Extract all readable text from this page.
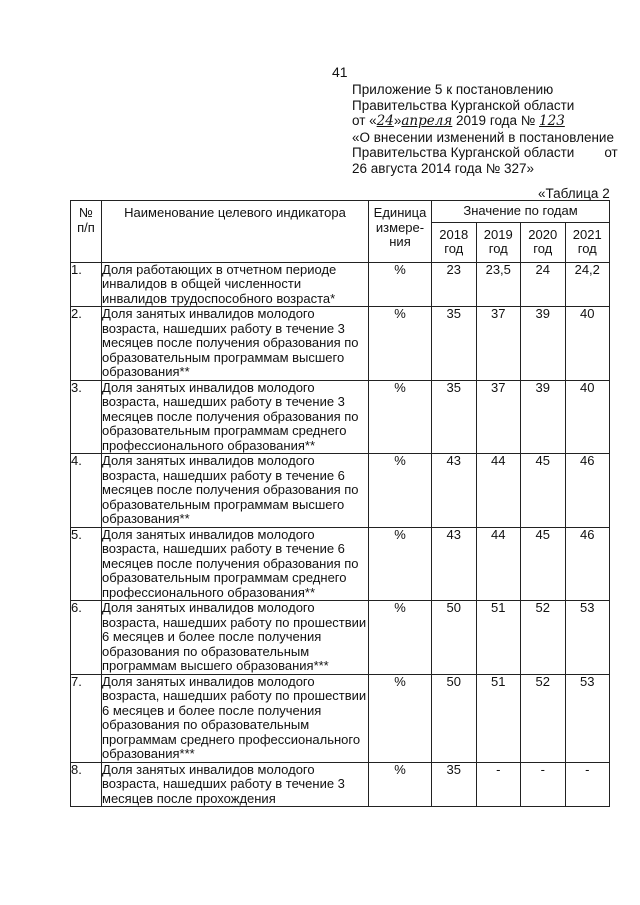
41
Приложение 5 к постановлению
Правительства Курганской области
от «24»апреля 2019 года № 123
«О внесении изменений в постановление
Правительства Курганской области        от
26 августа 2014 года № 327»
«Таблица 2
№ п/п	Наименование целевого индикатора	Единица измере-ния	Значение по годам			

			2018 год	2019 год	2020 год	2021 год

1.	Доля работающих в отчетном периоде инвалидов в общей численности инвалидов трудоспособного возраста*	%	23	23,5	24	24,2
2.	Доля занятых инвалидов молодого возраста, нашедших работу в течение 3 месяцев после получения образования по образовательным программам высшего образования**	%	35	37	39	40
3.	Доля занятых инвалидов молодого возраста, нашедших работу в течение 3 месяцев после получения образования по образовательным программам среднего профессионального образования**	%	35	37	39	40
4.	Доля занятых инвалидов молодого возраста, нашедших работу в течение 6 месяцев после получения образования по образовательным программам высшего образования**	%	43	44	45	46
5.	Доля занятых инвалидов молодого возраста, нашедших работу в течение 6 месяцев после получения образования по образовательным программам среднего профессионального образования**	%	43	44	45	46
6.	Доля занятых инвалидов молодого возраста, нашедших работу по прошествии 6 месяцев и более после получения образования по образовательным программам высшего образования***	%	50	51	52	53
7.	Доля занятых инвалидов молодого возраста, нашедших работу по прошествии 6 месяцев и более после получения образования по образовательным программам среднего профессионального образования***	%	50	51	52	53
8.	Доля занятых инвалидов молодого возраста, нашедших работу в течение 3 месяцев после прохождения	%	35	-	-	-
